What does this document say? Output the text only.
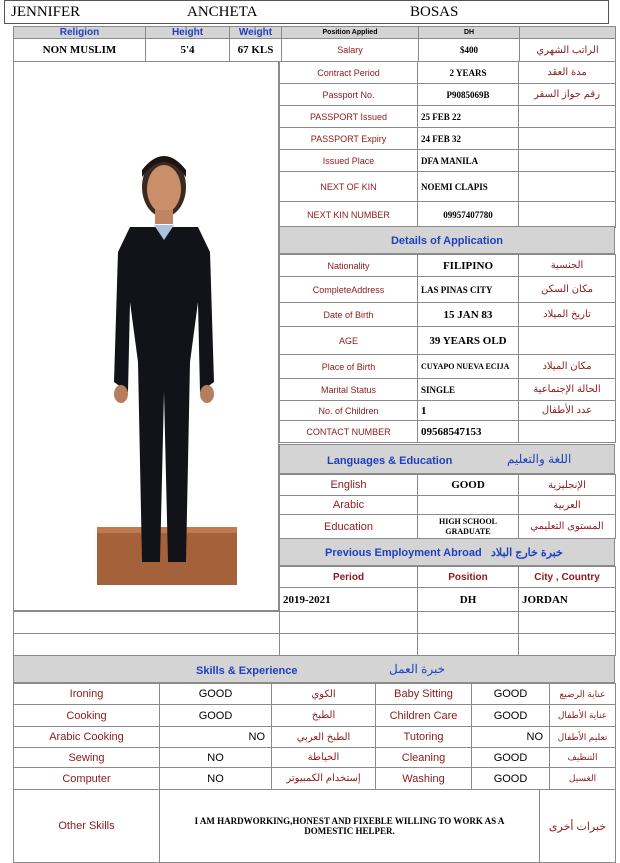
JENNIFER	ANCHETA	BOSAS
Religion	Height	Weight	Position Applied	DH	
NON MUSLIM	5'4	67 KLS	Salary	$400	الراتب الشهري
Contract Period	2 YEARS	مدة العقد
Passport No.	P9085069B	رقم جواز السفر
PASSPORT Issued	25 FEB 22	
PASSPORT Expiry	24 FEB 32	
Issued Place	DFA MANILA	
NEXT OF KIN	NOEMI CLAPIS	
NEXT KIN NUMBER	09957407780	
Details of Application
Nationality	FILIPINO	الجنسية
CompleteAddress	LAS PINAS CITY	مكان السكن
Date of Birth	15 JAN 83	تاريخ الميلاد
AGE	39 YEARS OLD	
Place of Birth	CUYAPO NUEVA ECIJA	مكان الميلاد
Marital Status	SINGLE	الحالة الإجتماعية
No. of Children	1	عدد الأطفال
CONTACT NUMBER	09568547153	
Languages & Education	اللغة والتعليم
English	GOOD	الإنجليزية
Arabic		العربية
Education	HIGH SCHOOL GRADUATE	المستوى التعليمي
Previous Employment Abroad خبرة خارج البلاد
Period	Position	City , Country
2019-2021	DH	JORDAN

Skills & Experience	خبرة العمل
Ironing	GOOD	الكوي	Baby Sitting	GOOD	عناية الرضيع
Cooking	GOOD	الطبخ	Children Care	GOOD	عناية الأطفال
Arabic Cooking	NO	الطبخ العربي	Tutoring	NO	تعليم الأطفال
Sewing	NO	الخياطة	Cleaning	GOOD	التنظيف
Computer	NO	إستخدام الكمبيوتر	Washing	GOOD	الغسيل
Other Skills	I AM HARDWORKING,HONEST AND FIXEBLE WILLING TO WORK AS A DOMESTIC HELPER.	خبرات أخرى
